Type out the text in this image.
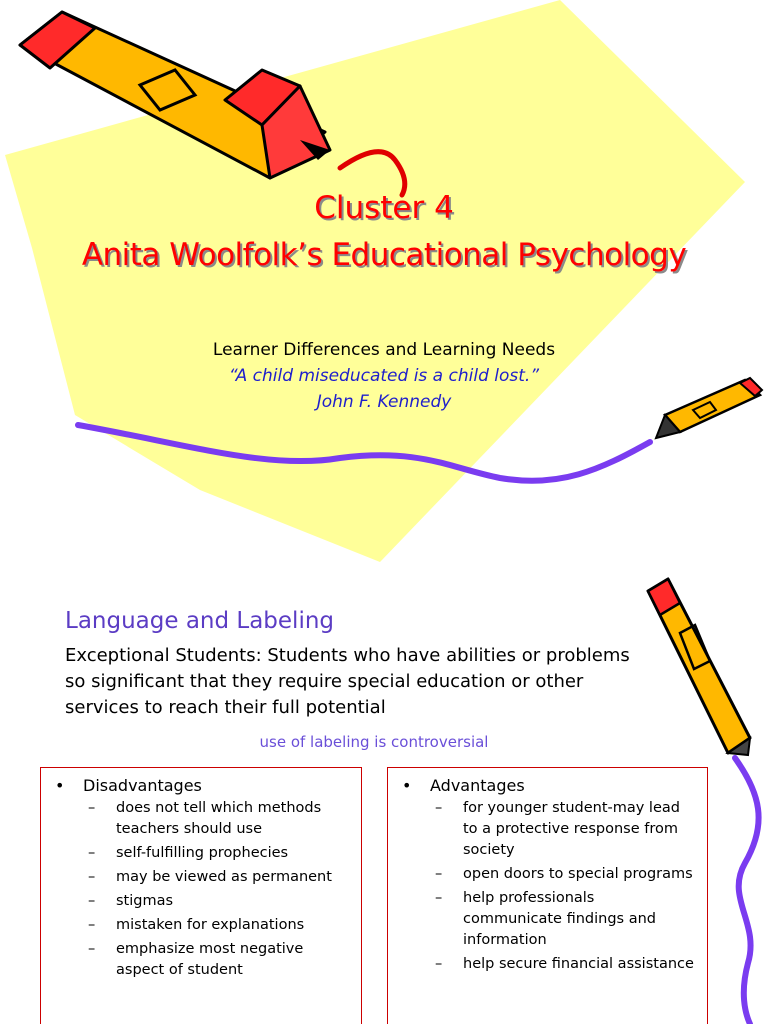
Cluster 4
Anita Woolfolk’s Educational Psychology
Learner Differences and Learning Needs
“A child miseducated is a child lost.”
John F. Kennedy
Language and Labeling
Exceptional Students: Students who have abilities or problems so significant that they require special education or other services to reach their full potential
use of labeling is controversial
• Disadvantages
– does not tell which methods teachers should use
– self-fulfilling prophecies
– may be viewed as permanent
– stigmas
– mistaken for explanations
– emphasize most negative aspect of student
• Advantages
– for younger student-may lead to a protective response from society
– open doors to special programs
– help professionals communicate findings and information
– help secure financial assistance
